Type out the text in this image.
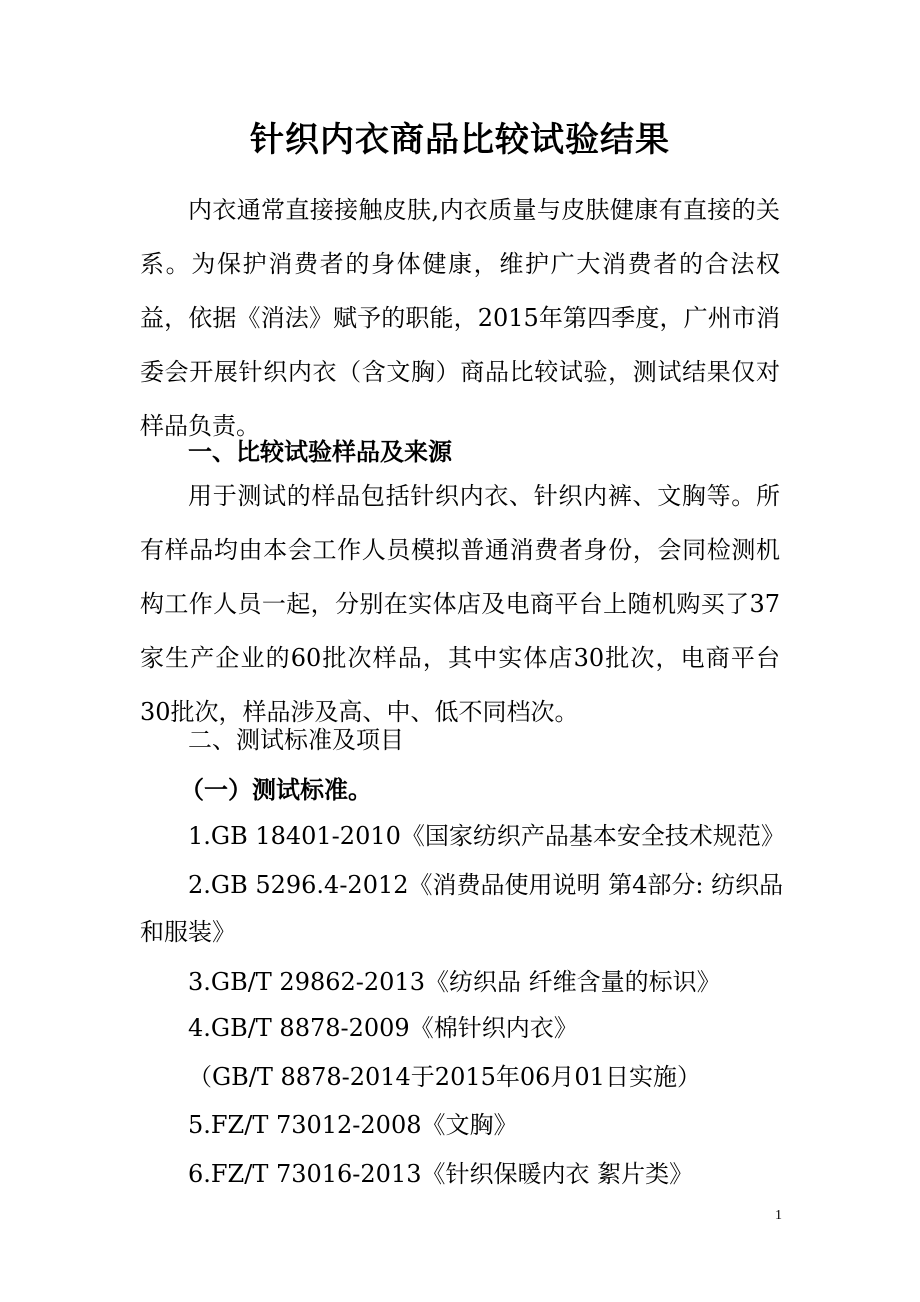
针织内衣商品比较试验结果
内衣通常直接接触皮肤,内衣质量与皮肤健康有直接的关系。为保护消费者的身体健康，维护广大消费者的合法权益，依据《消法》赋予的职能，2015年第四季度，广州市消委会开展针织内衣（含文胸）商品比较试验，测试结果仅对样品负责。
一、比较试验样品及来源
用于测试的样品包括针织内衣、针织内裤、文胸等。所有样品均由本会工作人员模拟普通消费者身份，会同检测机构工作人员一起，分别在实体店及电商平台上随机购买了37家生产企业的60批次样品，其中实体店30批次，电商平台30批次，样品涉及高、中、低不同档次。
二、测试标准及项目
（一）测试标准。
1.GB 18401-2010《国家纺织产品基本安全技术规范》
2.GB 5296.4-2012《消费品使用说明 第4部分: 纺织品
和服装》
3.GB/T 29862-2013《纺织品 纤维含量的标识》
4.GB/T 8878-2009《棉针织内衣》
（GB/T 8878-2014于2015年06月01日实施）
5.FZ/T 73012-2008《文胸》
6.FZ/T 73016-2013《针织保暖内衣 絮片类》
1
